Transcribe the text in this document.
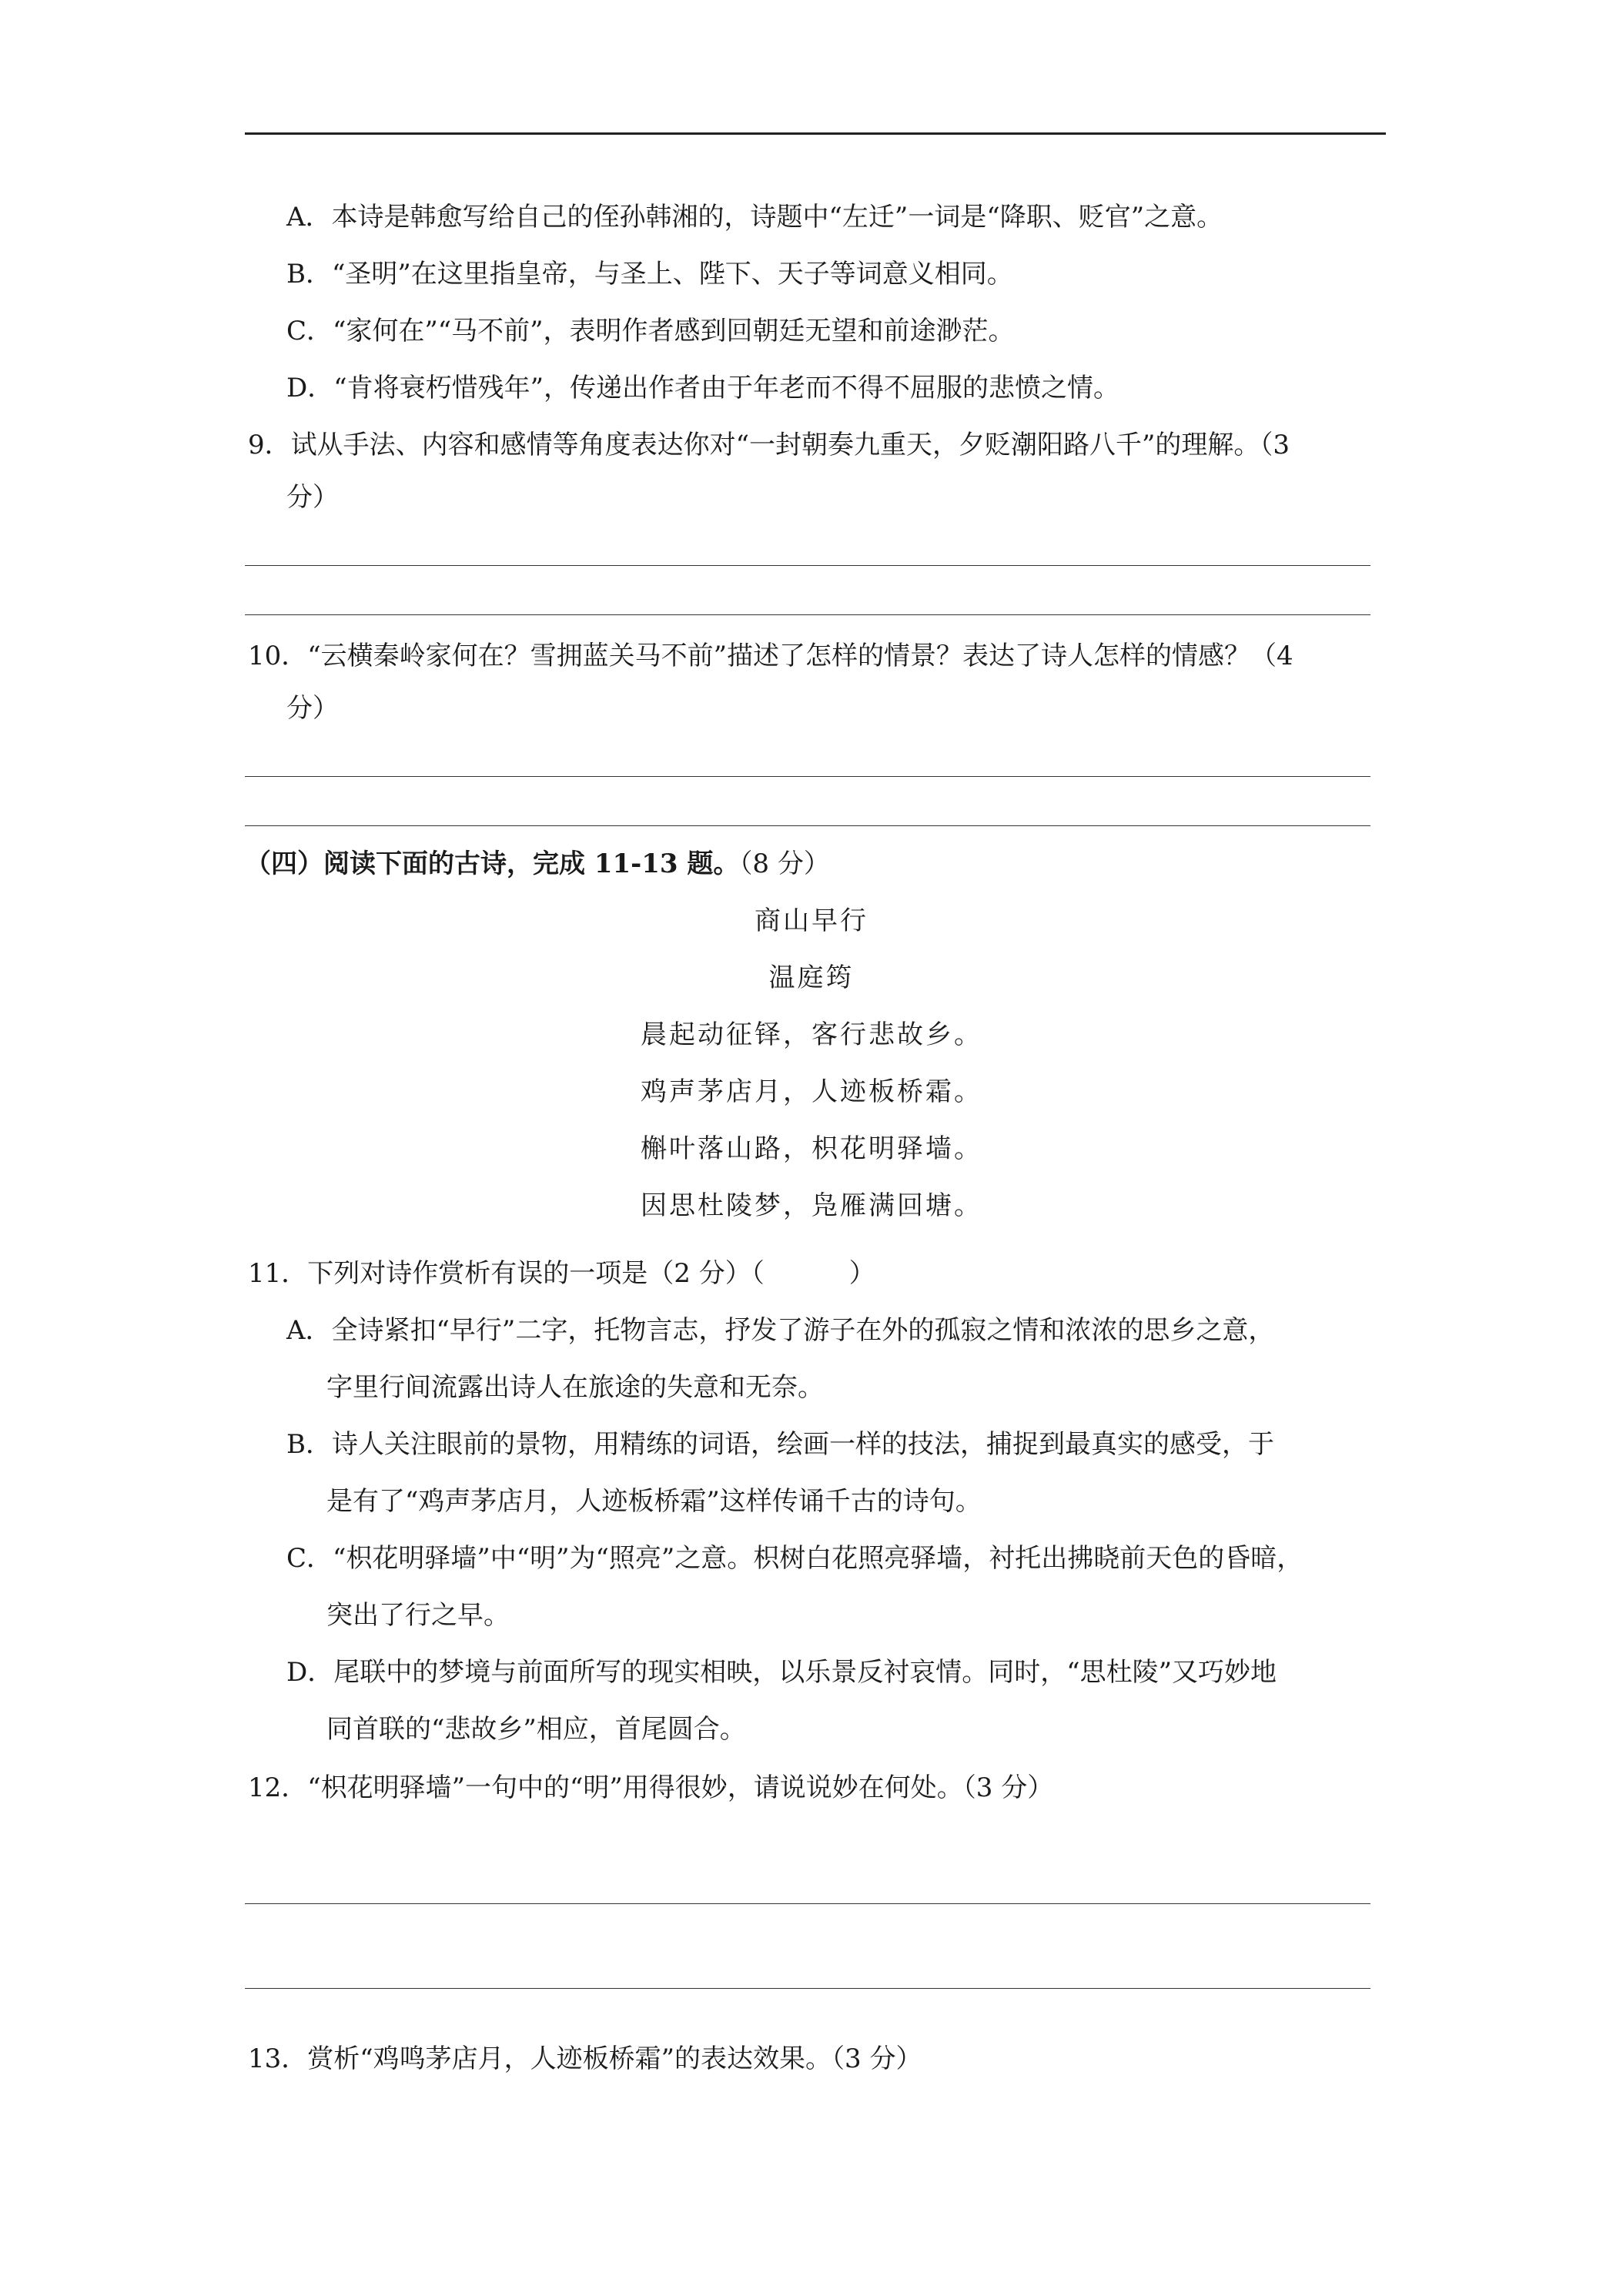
A．本诗是韩愈写给自己的侄孙韩湘的，诗题中“左迁”一词是“降职、贬官”之意。
B．“圣明”在这里指皇帝，与圣上、陛下、天子等词意义相同。
C．“家何在”“马不前”，表明作者感到回朝廷无望和前途渺茫。
D．“肯将衰朽惜残年”，传递出作者由于年老而不得不屈服的悲愤之情。
9．试从手法、内容和感情等角度表达你对“一封朝奏九重天，夕贬潮阳路八千”的理解。（3
分）
10．“云横秦岭家何在？雪拥蓝关马不前”描述了怎样的情景？表达了诗人怎样的情感？（4
分）
（四）阅读下面的古诗，完成 11-13 题。（8 分）
商山早行
温庭筠
晨起动征铎，客行悲故乡。
鸡声茅店月，人迹板桥霜。
槲叶落山路，枳花明驿墙。
因思杜陵梦，凫雁满回塘。
11．下列对诗作赏析有误的一项是（2 分）（	）
A．全诗紧扣“早行”二字，托物言志，抒发了游子在外的孤寂之情和浓浓的思乡之意，
字里行间流露出诗人在旅途的失意和无奈。
B．诗人关注眼前的景物，用精练的词语，绘画一样的技法，捕捉到最真实的感受，于
是有了“鸡声茅店月，人迹板桥霜”这样传诵千古的诗句。
C．“枳花明驿墙”中“明”为“照亮”之意。枳树白花照亮驿墙，衬托出拂晓前天色的昏暗，
突出了行之早。
D．尾联中的梦境与前面所写的现实相映，以乐景反衬哀情。同时，“思杜陵”又巧妙地
同首联的“悲故乡”相应，首尾圆合。
12．“枳花明驿墙”一句中的“明”用得很妙，请说说妙在何处。（3 分）
13．赏析“鸡鸣茅店月，人迹板桥霜”的表达效果。（3 分）
